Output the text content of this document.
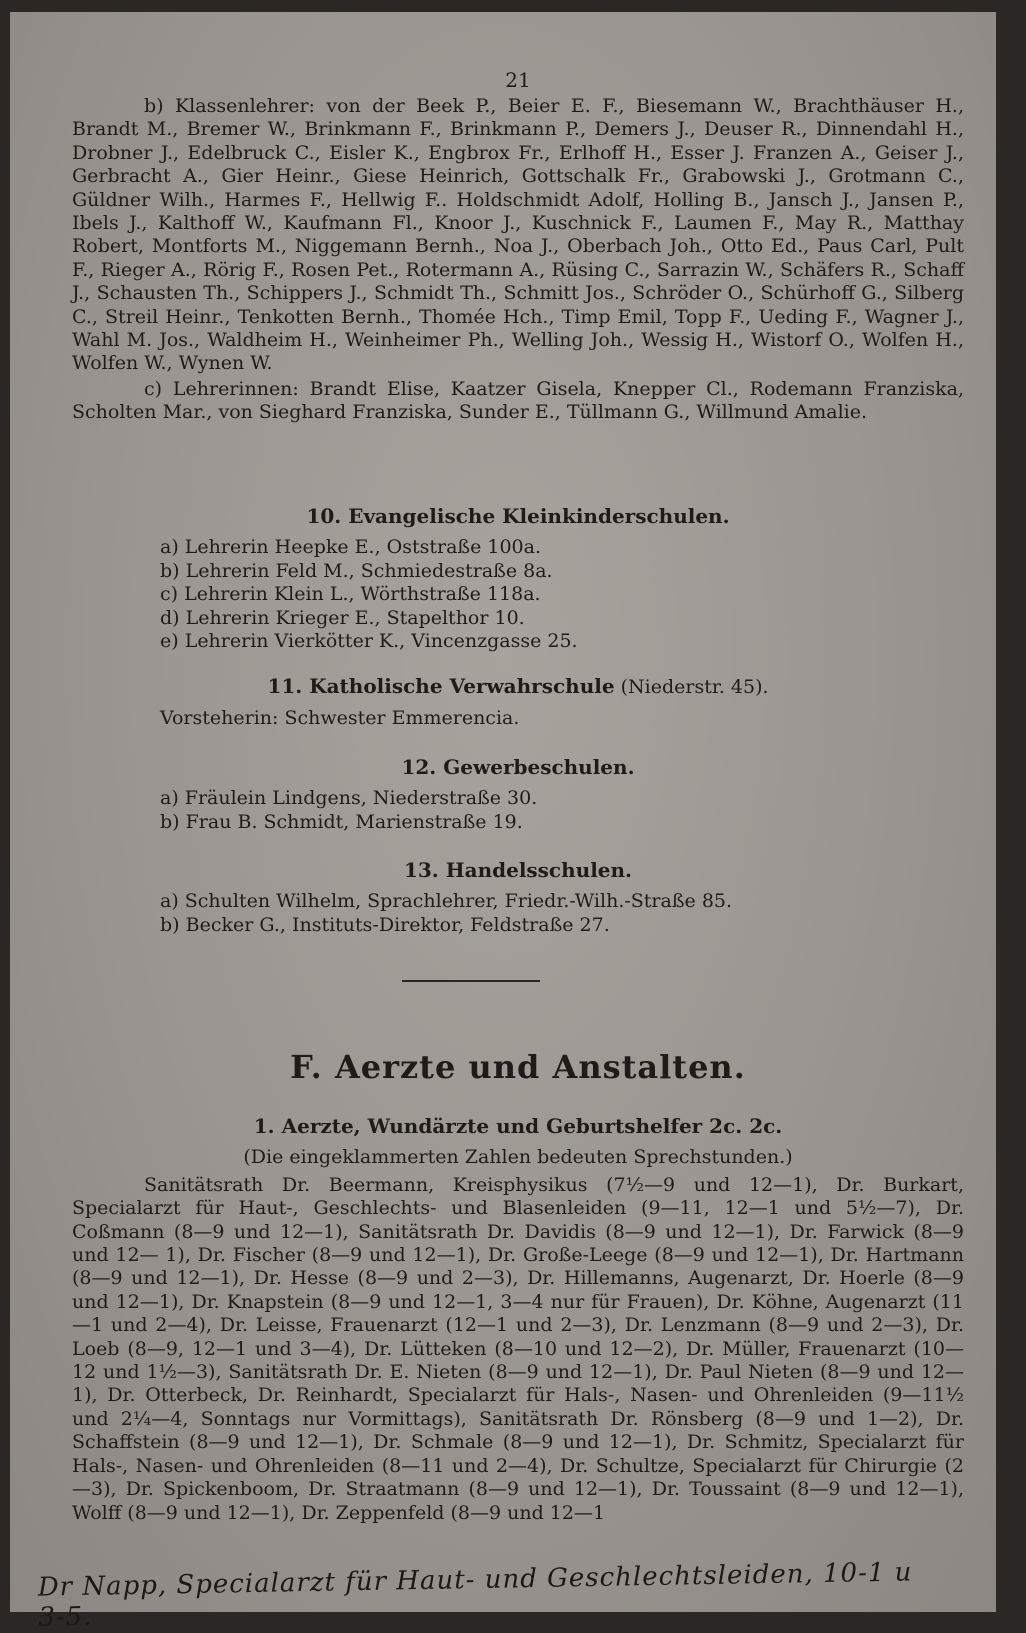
21

b) Klassenlehrer: von der Beek P., Beier E. F., Biesemann W., Brachthäuser H., Brandt M., Bremer W., Brinkmann F., Brinkmann P., Demers J., Deuser R., Dinnendahl H., Drobner J., Edelbruck C., Eisler K., Engbrox Fr., Erlhoff H., Esser J. Franzen A., Geiser J., Gerbracht A., Gier Heinr., Giese Heinrich, Gottschalk Fr., Grabowski J., Grotmann C., Güldner Wilh., Harmes F., Hellwig F.. Holdschmidt Adolf, Holling B., Jansch J., Jansen P., Ibels J., Kalthoff W., Kaufmann Fl., Knoor J., Kuschnick F., Laumen F., May R., Matthay Robert, Montforts M., Niggemann Bernh., Noa J., Oberbach Joh., Otto Ed., Paus Carl, Pult F., Rieger A., Rörig F., Rosen Pet., Rotermann A., Rüsing C., Sarrazin W., Schäfers R., Schaff J., Schausten Th., Schippers J., Schmidt Th., Schmitt Jos., Schröder O., Schürhoff G., Silberg C., Streil Heinr., Tenkotten Bernh., Thomée Hch., Timp Emil, Topp F., Ueding F., Wagner J., Wahl M. Jos., Waldheim H., Weinheimer Ph., Welling Joh., Wessig H., Wistorf O., Wolfen H., Wolfen W., Wynen W.

c) Lehrerinnen: Brandt Elise, Kaatzer Gisela, Knepper Cl., Rodemann Franziska, Scholten Mar., von Sieghard Franziska, Sunder E., Tüllmann G., Willmund Amalie.

10. Evangelische Kleinkinderschulen.

a) Lehrerin Heepke E., Oststraße 100a.

b) Lehrerin Feld M., Schmiedestraße 8a.

c) Lehrerin Klein L., Wörthstraße 118a.

d) Lehrerin Krieger E., Stapelthor 10.

e) Lehrerin Vierkötter K., Vincenzgasse 25.

11. Katholische Verwahrschule (Niederstr. 45).

Vorsteherin: Schwester Emmerencia.

12. Gewerbeschulen.

a) Fräulein Lindgens, Niederstraße 30.

b) Frau B. Schmidt, Marienstraße 19.

13. Handelsschulen.

a) Schulten Wilhelm, Sprachlehrer, Friedr.-Wilh.-Straße 85.

b) Becker G., Instituts-Direktor, Feldstraße 27.

F. Aerzte und Anstalten.

1. Aerzte, Wundärzte und Geburtshelfer 2c. 2c.

(Die eingeklammerten Zahlen bedeuten Sprechstunden.)

Sanitätsrath Dr. Beermann, Kreisphysikus (7½—9 und 12—1), Dr. Burkart, Specialarzt für Haut-, Geschlechts- und Blasenleiden (9—11, 12—1 und 5½—7), Dr. Coßmann (8—9 und 12—1), Sanitätsrath Dr. Davidis (8—9 und 12—1), Dr. Farwick (8—9 und 12— 1), Dr. Fischer (8—9 und 12—1), Dr. Große-Leege (8—9 und 12—1), Dr. Hartmann (8—9 und 12—1), Dr. Hesse (8—9 und 2—3), Dr. Hillemanns, Augenarzt, Dr. Hoerle (8—9 und 12—1), Dr. Knapstein (8—9 und 12—1, 3—4 nur für Frauen), Dr. Köhne, Augenarzt (11—1 und 2—4), Dr. Leisse, Frauenarzt (12—1 und 2—3), Dr. Lenzmann (8—9 und 2—3), Dr. Loeb (8—9, 12—1 und 3—4), Dr. Lütteken (8—10 und 12—2), Dr. Müller, Frauenarzt (10—12 und 1½—3), Sanitätsrath Dr. E. Nieten (8—9 und 12—1), Dr. Paul Nieten (8—9 und 12—1), Dr. Otterbeck, Dr. Reinhardt, Specialarzt für Hals-, Nasen- und Ohrenleiden (9—11½ und 2¼—4, Sonntags nur Vormittags), Sanitätsrath Dr. Rönsberg (8—9 und 1—2), Dr. Schaffstein (8—9 und 12—1), Dr. Schmale (8—9 und 12—1), Dr. Schmitz, Specialarzt für Hals-, Nasen- und Ohrenleiden (8—11 und 2—4), Dr. Schultze, Specialarzt für Chirurgie (2—3), Dr. Spickenboom, Dr. Straatmann (8—9 und 12—1), Dr. Toussaint (8—9 und 12—1), Wolff (8—9 und 12—1), Dr. Zeppenfeld (8—9 und 12—1

Dr Napp, Specialarzt für Haut- und Geschlechtsleiden, 10-1 u 3-5.
